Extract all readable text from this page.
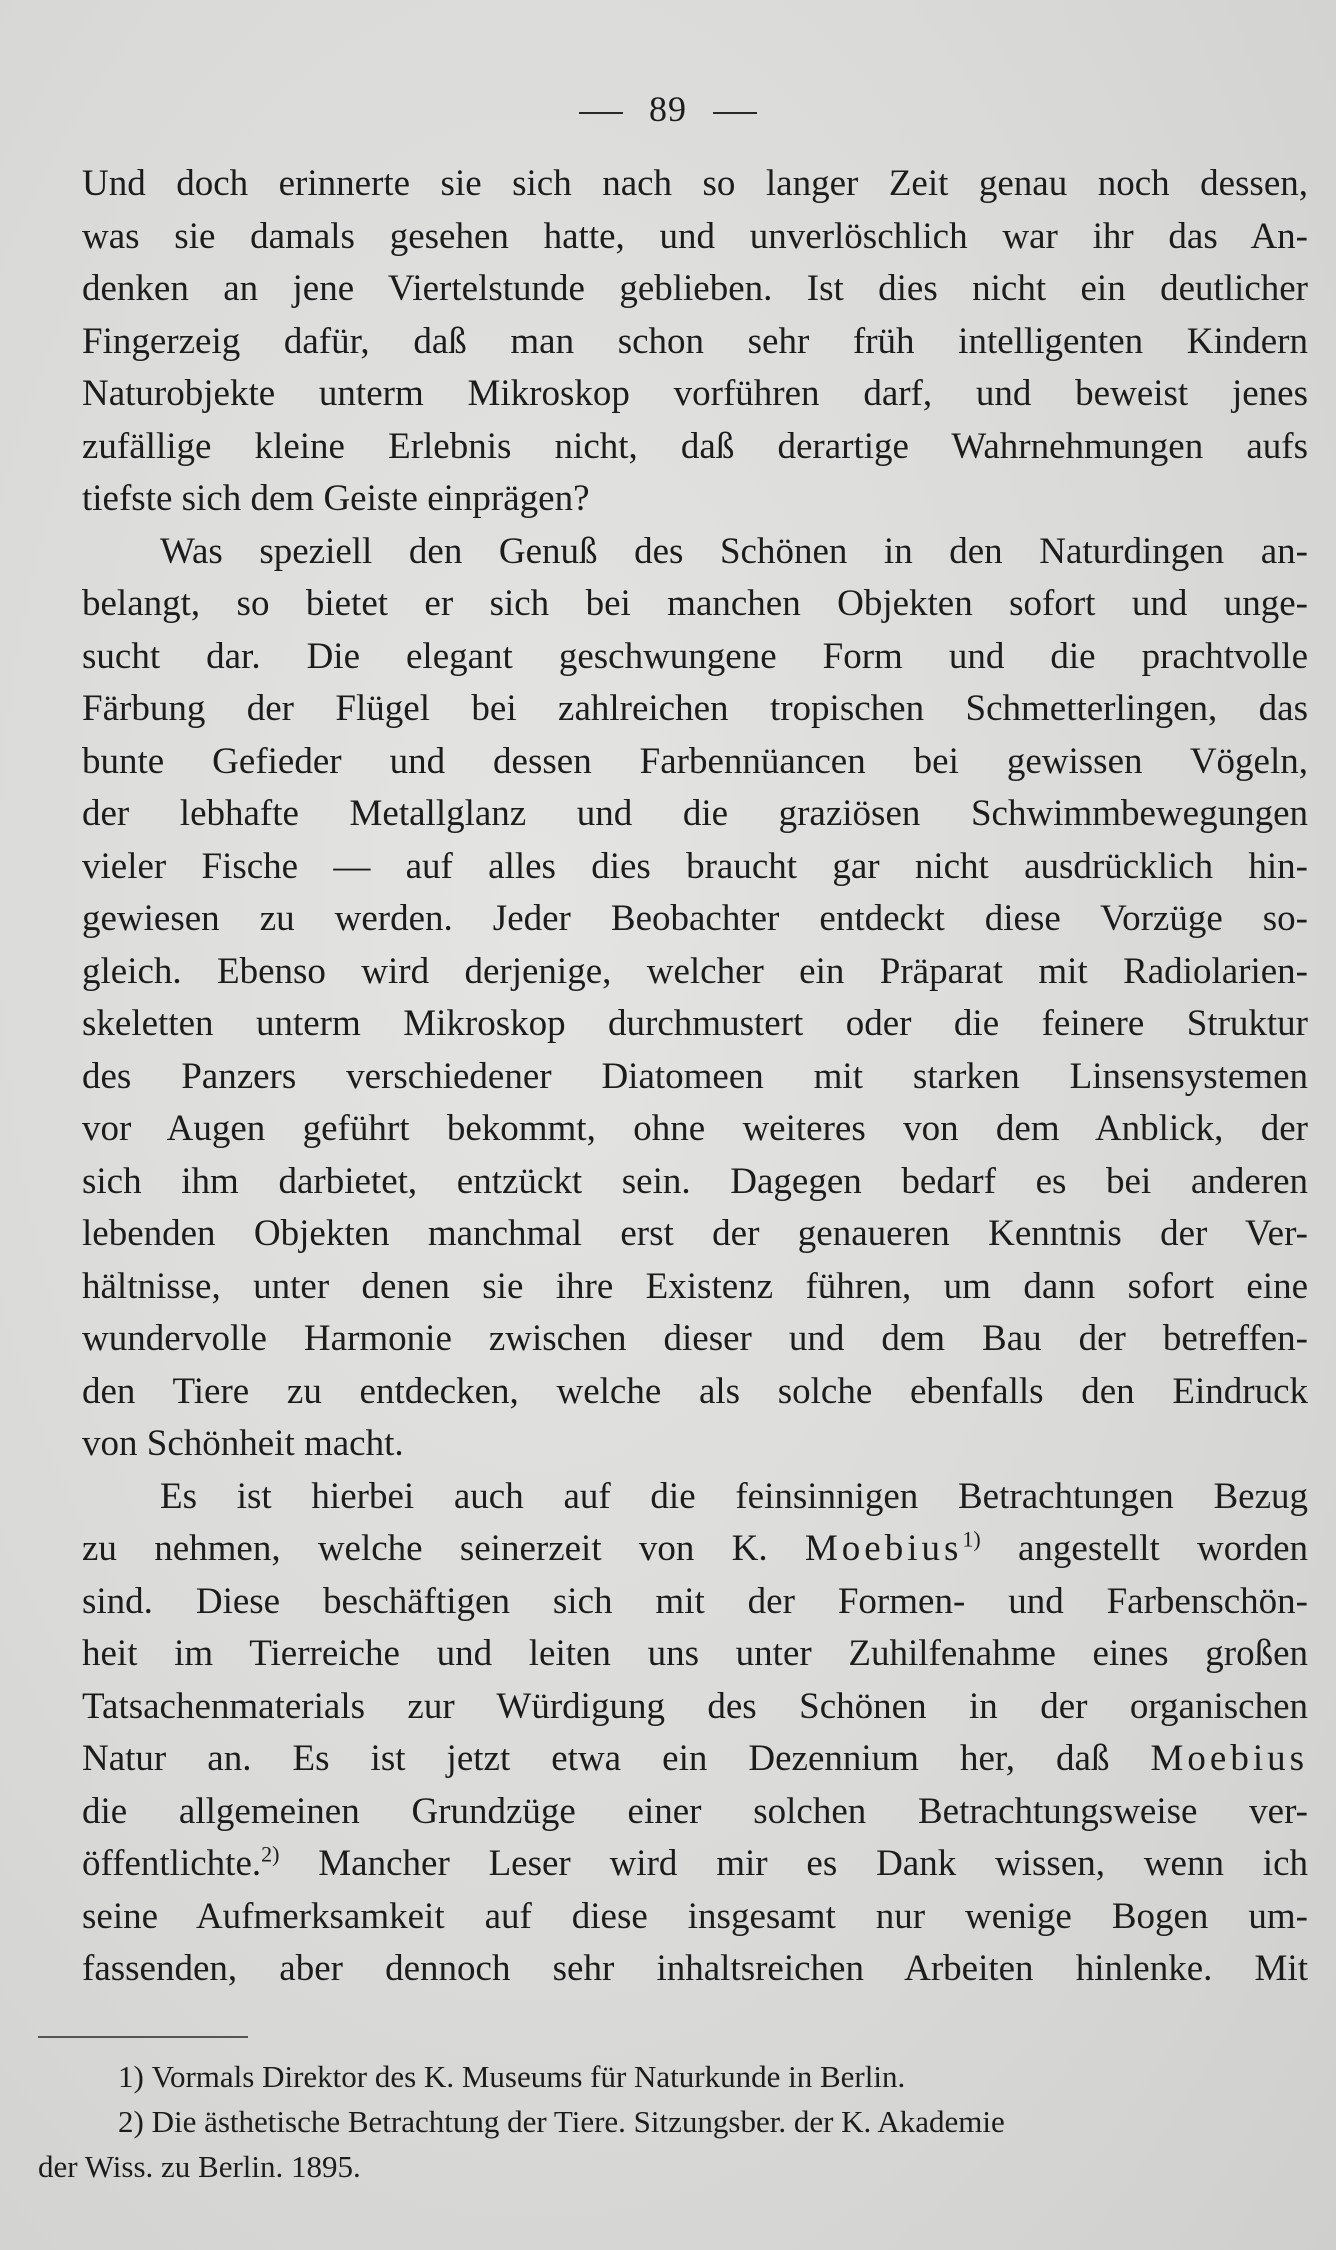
89
Und doch erinnerte sie sich nach so langer Zeit genau noch dessen,
was sie damals gesehen hatte, und unverlöschlich war ihr das An-
denken an jene Viertelstunde geblieben. Ist dies nicht ein deutlicher
Fingerzeig dafür, daß man schon sehr früh intelligenten Kindern
Naturobjekte unterm Mikroskop vorführen darf, und beweist jenes
zufällige kleine Erlebnis nicht, daß derartige Wahrnehmungen aufs
tiefste sich dem Geiste einprägen?
Was speziell den Genuß des Schönen in den Naturdingen an-
belangt, so bietet er sich bei manchen Objekten sofort und unge-
sucht dar. Die elegant geschwungene Form und die prachtvolle
Färbung der Flügel bei zahlreichen tropischen Schmetterlingen, das
bunte Gefieder und dessen Farbennüancen bei gewissen Vögeln,
der lebhafte Metallglanz und die graziösen Schwimmbewegungen
vieler Fische — auf alles dies braucht gar nicht ausdrücklich hin-
gewiesen zu werden. Jeder Beobachter entdeckt diese Vorzüge so-
gleich. Ebenso wird derjenige, welcher ein Präparat mit Radiolarien-
skeletten unterm Mikroskop durchmustert oder die feinere Struktur
des Panzers verschiedener Diatomeen mit starken Linsensystemen
vor Augen geführt bekommt, ohne weiteres von dem Anblick, der
sich ihm darbietet, entzückt sein. Dagegen bedarf es bei anderen
lebenden Objekten manchmal erst der genaueren Kenntnis der Ver-
hältnisse, unter denen sie ihre Existenz führen, um dann sofort eine
wundervolle Harmonie zwischen dieser und dem Bau der betreffen-
den Tiere zu entdecken, welche als solche ebenfalls den Eindruck
von Schönheit macht.
Es ist hierbei auch auf die feinsinnigen Betrachtungen Bezug
zu nehmen, welche seinerzeit von K. Moebius$^{1)}$ angestellt worden
sind. Diese beschäftigen sich mit der Formen- und Farbenschön-
heit im Tierreiche und leiten uns unter Zuhilfenahme eines großen
Tatsachenmaterials zur Würdigung des Schönen in der organischen
Natur an. Es ist jetzt etwa ein Dezennium her, daß Moebius
die allgemeinen Grundzüge einer solchen Betrachtungsweise ver-
öffentlichte.$^{2)}$ Mancher Leser wird mir es Dank wissen, wenn ich
seine Aufmerksamkeit auf diese insgesamt nur wenige Bogen um-
fassenden, aber dennoch sehr inhaltsreichen Arbeiten hinlenke. Mit
1) Vormals Direktor des K. Museums für Naturkunde in Berlin.
2) Die ästhetische Betrachtung der Tiere. Sitzungsber. der K. Akademie
der Wiss. zu Berlin. 1895.
